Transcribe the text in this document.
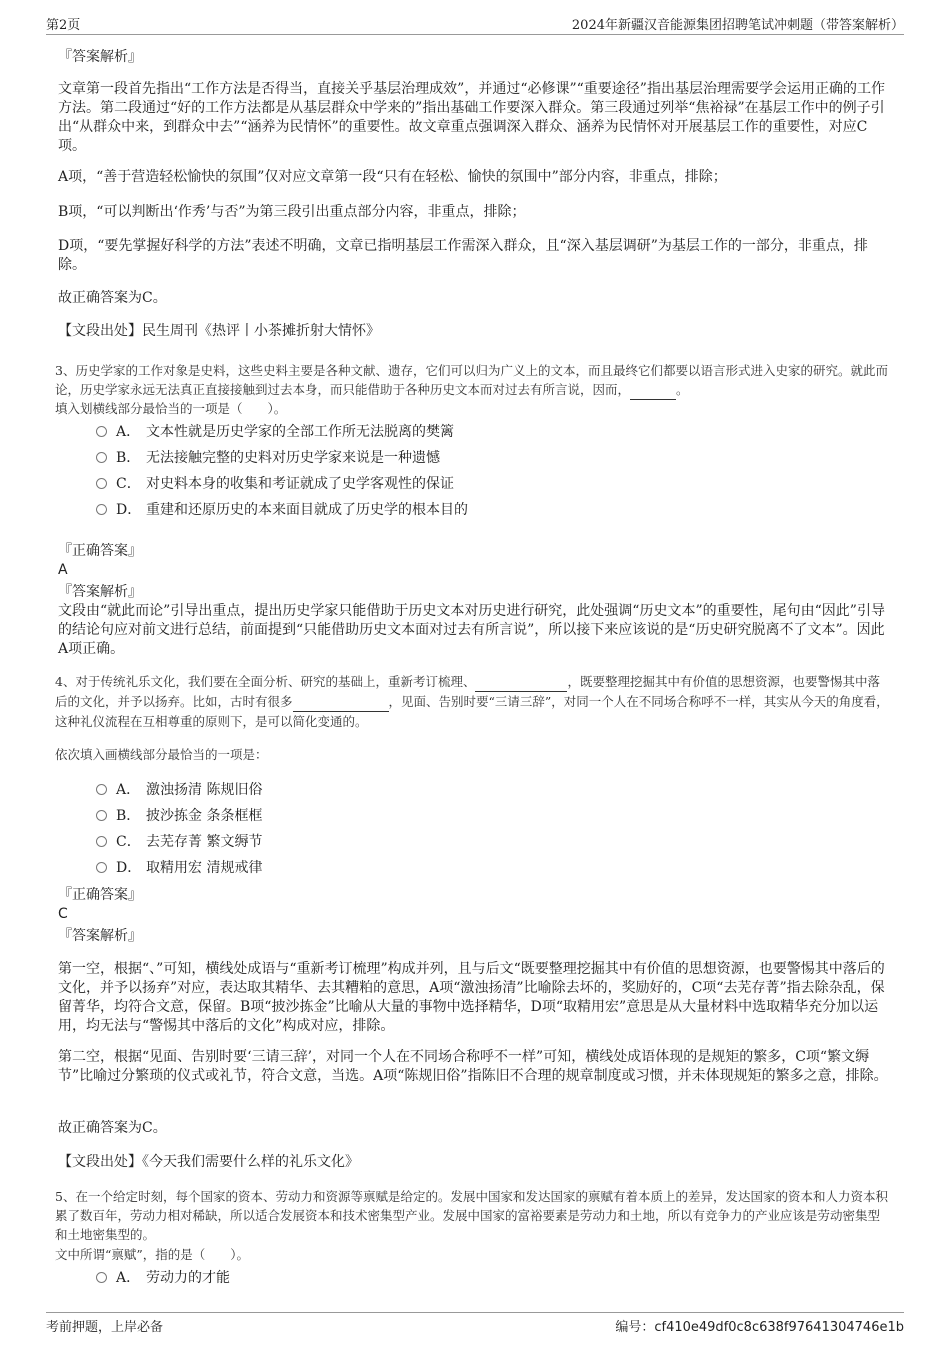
第2页	2024年新疆汉音能源集团招聘笔试冲刺题（带答案解析）
『答案解析』
文章第一段首先指出“工作方法是否得当，直接关乎基层治理成效”，并通过“必修课”“重要途径”指出基层治理需要学会运用正确的工作方法。第二段通过“好的工作方法都是从基层群众中学来的”指出基础工作要深入群众。第三段通过列举“焦裕禄”在基层工作中的例子引出“从群众中来，到群众中去”“涵养为民情怀”的重要性。故文章重点强调深入群众、涵养为民情怀对开展基层工作的重要性，对应C项。
A项，“善于营造轻松愉快的氛围”仅对应文章第一段“只有在轻松、愉快的氛围中”部分内容，非重点，排除；
B项，“可以判断出‘作秀’与否”为第三段引出重点部分内容，非重点，排除；
D项，“要先掌握好科学的方法”表述不明确，文章已指明基层工作需深入群众，且“深入基层调研”为基层工作的一部分，非重点，排除。
故正确答案为C。
【文段出处】民生周刊《热评丨小茶摊折射大情怀》
3、历史学家的工作对象是史料，这些史料主要是各种文献、遗存，它们可以归为广义上的文本，而且最终它们都要以语言形式进入史家的研究。就此而论，历史学家永远无法真正直接接触到过去本身，而只能借助于各种历史文本而对过去有所言说，因而，	。
填入划横线部分最恰当的一项是（　　）。
A． 文本性就是历史学家的全部工作所无法脱离的樊篱
B． 无法接触完整的史料对历史学家来说是一种遗憾
C． 对史料本身的收集和考证就成了史学客观性的保证
D． 重建和还原历史的本来面目就成了历史学的根本目的
『正确答案』
A
『答案解析』
文段由“就此而论”引导出重点，提出历史学家只能借助于历史文本对历史进行研究，此处强调“历史文本”的重要性，尾句由“因此”引导的结论句应对前文进行总结，前面提到“只能借助历史文本面对过去有所言说”，所以接下来应该说的是“历史研究脱离不了文本”。因此A项正确。
4、对于传统礼乐文化，我们要在全面分析、研究的基础上，重新考订梳理、	，既要整理挖掘其中有价值的思想资源，也要警惕其中落后的文化，并予以扬弃。比如，古时有很多	，见面、告别时要“三请三辞”，对同一个人在不同场合称呼不一样，其实从今天的角度看，这种礼仪流程在互相尊重的原则下，是可以简化变通的。
依次填入画横线部分最恰当的一项是：
A． 激浊扬清 陈规旧俗
B． 披沙拣金 条条框框
C． 去芜存菁 繁文缛节
D． 取精用宏 清规戒律
『正确答案』
C
『答案解析』
第一空，根据“、”可知，横线处成语与“重新考订梳理”构成并列，且与后文“既要整理挖掘其中有价值的思想资源，也要警惕其中落后的文化，并予以扬弃”对应，表达取其精华、去其糟粕的意思，A项“激浊扬清”比喻除去坏的，奖励好的，C项“去芜存菁”指去除杂乱，保留菁华，均符合文意，保留。B项“披沙拣金”比喻从大量的事物中选择精华，D项“取精用宏”意思是从大量材料中选取精华充分加以运用，均无法与“警惕其中落后的文化”构成对应，排除。
第二空，根据“见面、告别时要‘三请三辞’，对同一个人在不同场合称呼不一样”可知，横线处成语体现的是规矩的繁多，C项“繁文缛节”比喻过分繁琐的仪式或礼节，符合文意，当选。A项“陈规旧俗”指陈旧不合理的规章制度或习惯，并未体现规矩的繁多之意，排除。
故正确答案为C。
【文段出处】《今天我们需要什么样的礼乐文化》
5、在一个给定时刻，每个国家的资本、劳动力和资源等禀赋是给定的。发展中国家和发达国家的禀赋有着本质上的差异，发达国家的资本和人力资本积累了数百年，劳动力相对稀缺，所以适合发展资本和技术密集型产业。发展中国家的富裕要素是劳动力和土地，所以有竞争力的产业应该是劳动密集型和土地密集型的。
文中所谓“禀赋”，指的是（　　）。
A． 劳动力的才能
考前押题，上岸必备	编号：cf410e49df0c8c638f97641304746e1b
